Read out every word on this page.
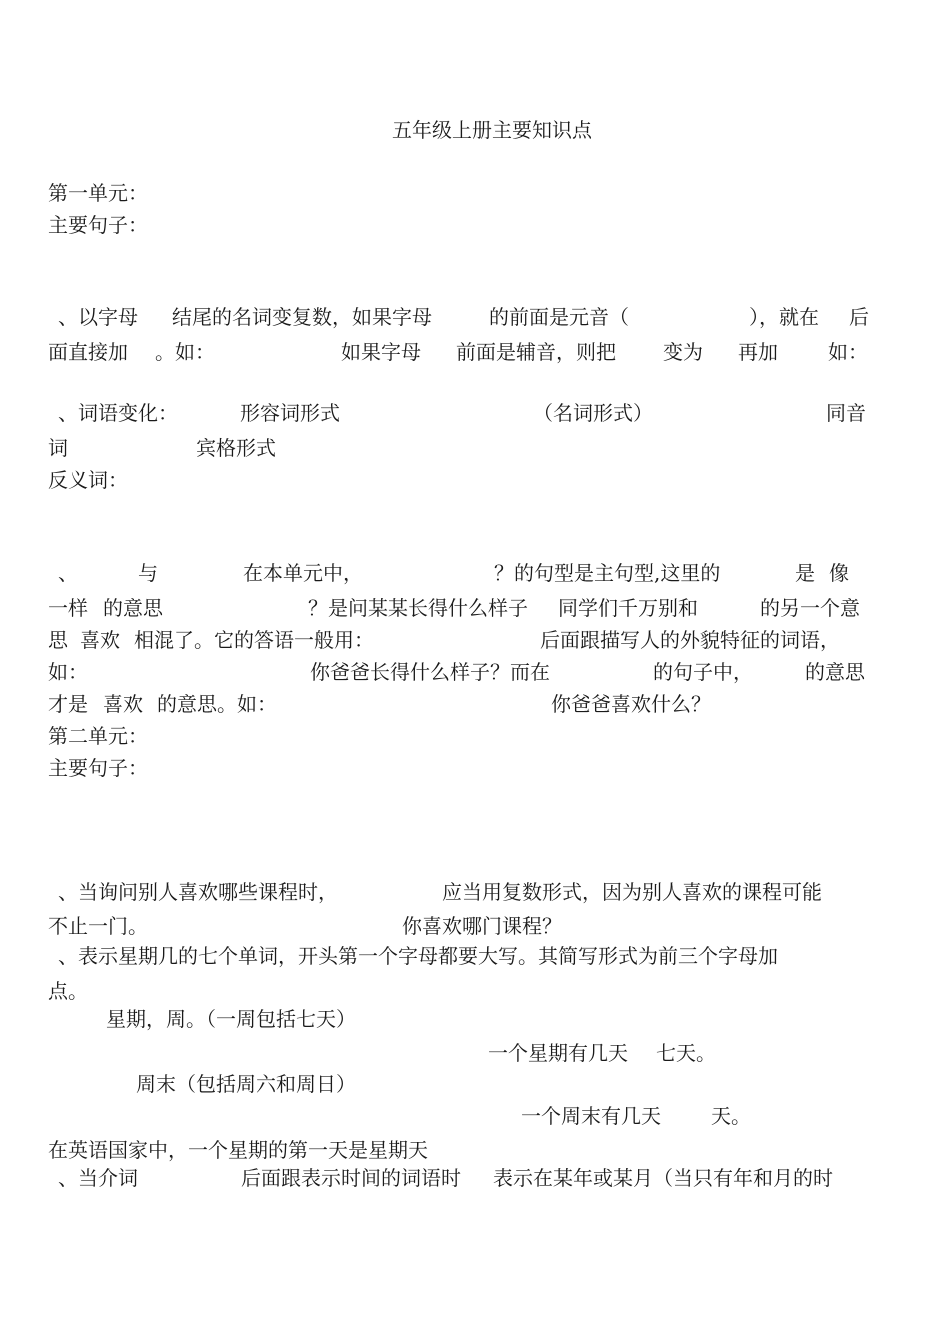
五年级上册主要知识点
第一单元：
主要句子：
、以字母 结尾的名词变复数，如果字母	的前面是元音（	），就在 后
面直接加 。如：	如果字母 前面是辅音，则把 变为 再加	如：
、词语变化：	形容词形式	（名词形式）	同音
词	宾格形式
反义词：
、	与	在本单元中，	？的句型是主句型,这里的	是 像
一样 的意思	？是问某某长得什么样子 同学们千万别和	的另一个意
思 喜欢 相混了。它的答语一般用：	后面跟描写人的外貌特征的词语，
如：	你爸爸长得什么样子？而在	的句子中，	的意思
才是 喜欢 的意思。如：	你爸爸喜欢什么？
第二单元：
主要句子：
、当询问别人喜欢哪些课程时，	应当用复数形式，因为别人喜欢的课程可能
不止一门。	你喜欢哪门课程？
、表示星期几的七个单词，开头第一个字母都要大写。其简写形式为前三个字母加
点。
星期，周。（一周包括七天）
一个星期有几天 七天。
周末（包括周六和周日）
一个周末有几天	天。
在英语国家中，一个星期的第一天是星期天
、当介词	后面跟表示时间的词语时 表示在某年或某月（当只有年和月的时
